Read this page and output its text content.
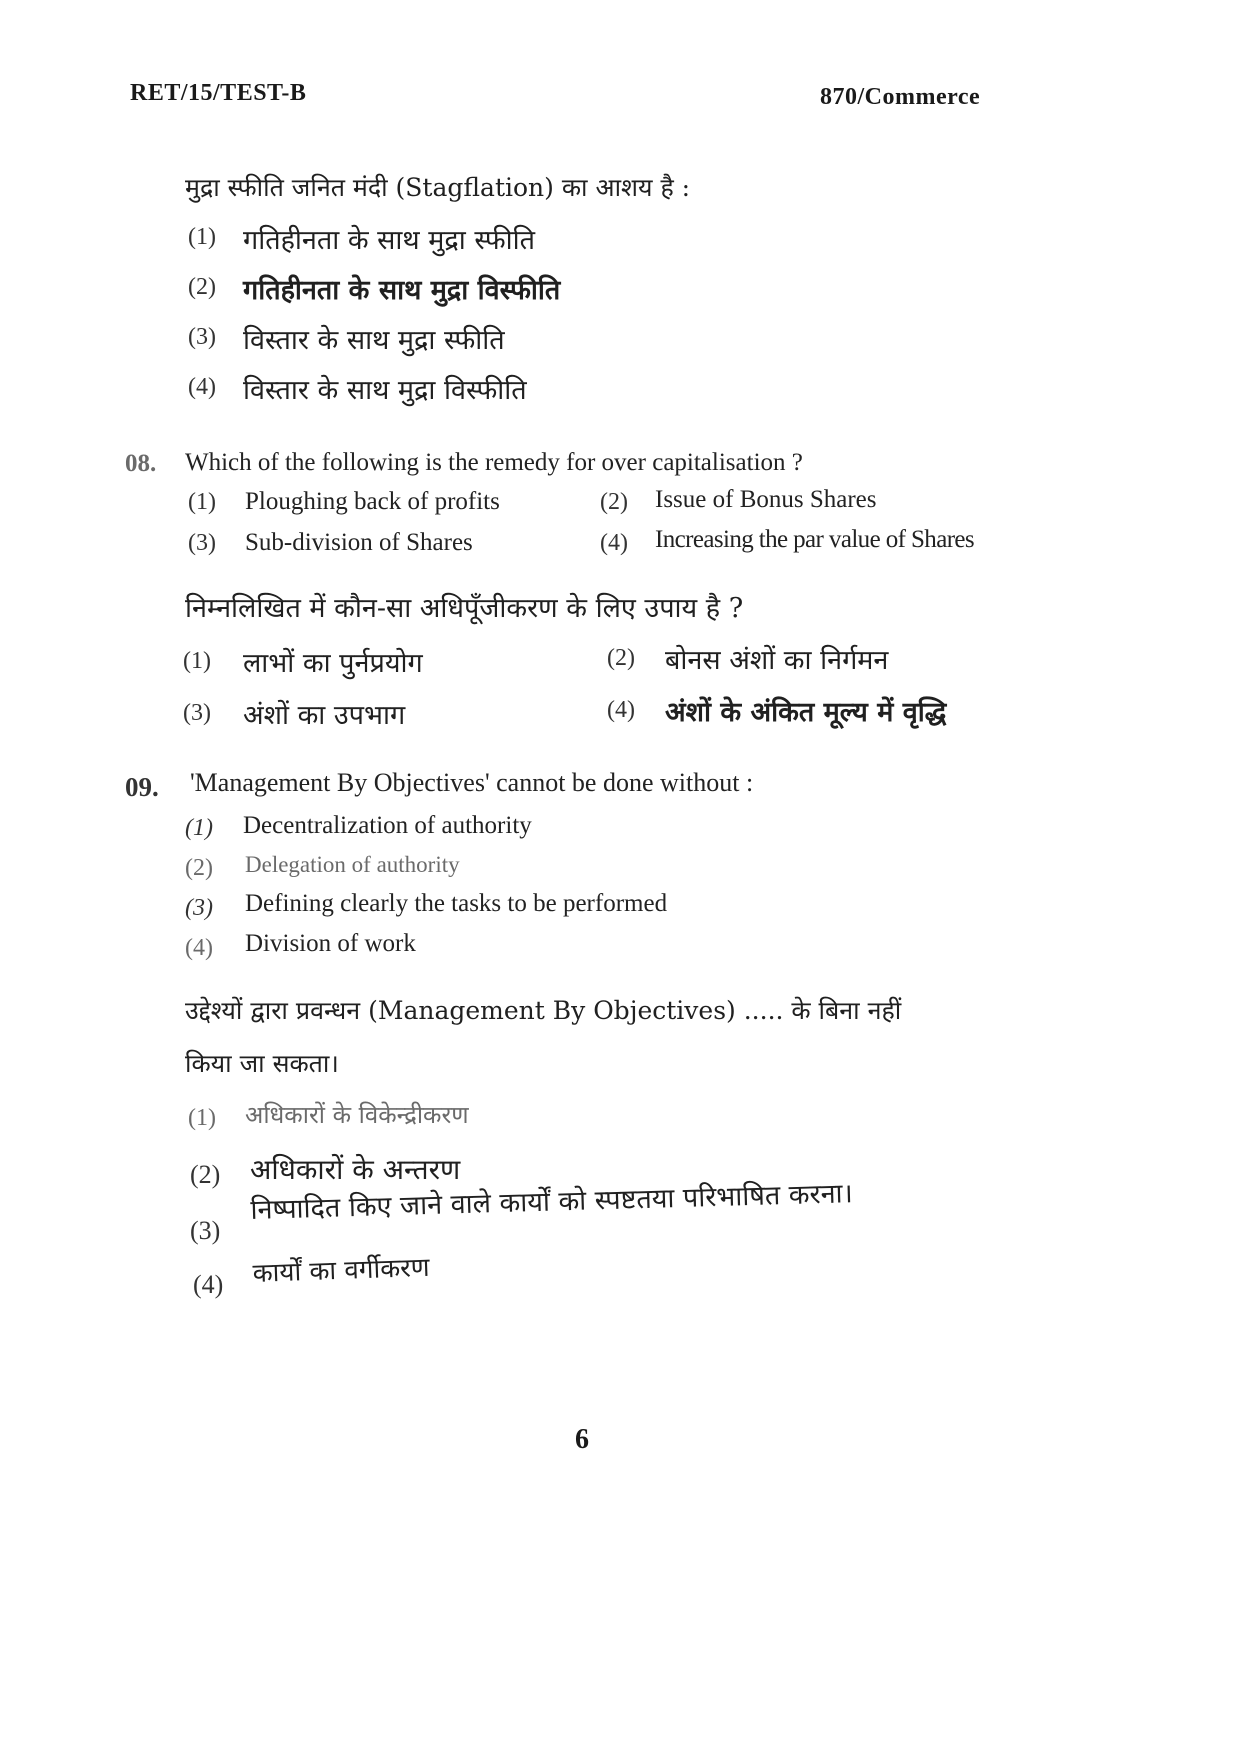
RET/15/TEST-B	870/Commerce
मुद्रा स्फीति जनित मंदी (Stagflation) का आशय है :
(1) गतिहीनता के साथ मुद्रा स्फीति
(2) गतिहीनता के साथ मुद्रा विस्फीति
(3) विस्तार के साथ मुद्रा स्फीति
(4) विस्तार के साथ मुद्रा विस्फीति
08. Which of the following is the remedy for over capitalisation ?
(1) Ploughing back of profits	(2) Issue of Bonus Shares
(3) Sub-division of Shares	(4) Increasing the par value of Shares
निम्नलिखित में कौन-सा अधिपूँजीकरण के लिए उपाय है ?
(1) लाभों का पुर्नप्रयोग	(2) बोनस अंशों का निर्गमन
(3) अंशों का उपभाग	(4) अंशों के अंकित मूल्य में वृद्धि
09. 'Management By Objectives' cannot be done without :
(1) Decentralization of authority
(2) Delegation of authority
(3) Defining clearly the tasks to be performed
(4) Division of work
उद्देश्यों द्वारा प्रवन्धन (Management By Objectives) ..... के बिना नहीं
किया जा सकता।
(1) अधिकारों के विकेन्द्रीकरण
(2) अधिकारों के अन्तरण
(3)
निष्पादित किए जाने वाले कार्यों को स्पष्टतया परिभाषित करना।
(4) कार्यों का वर्गीकरण
6
